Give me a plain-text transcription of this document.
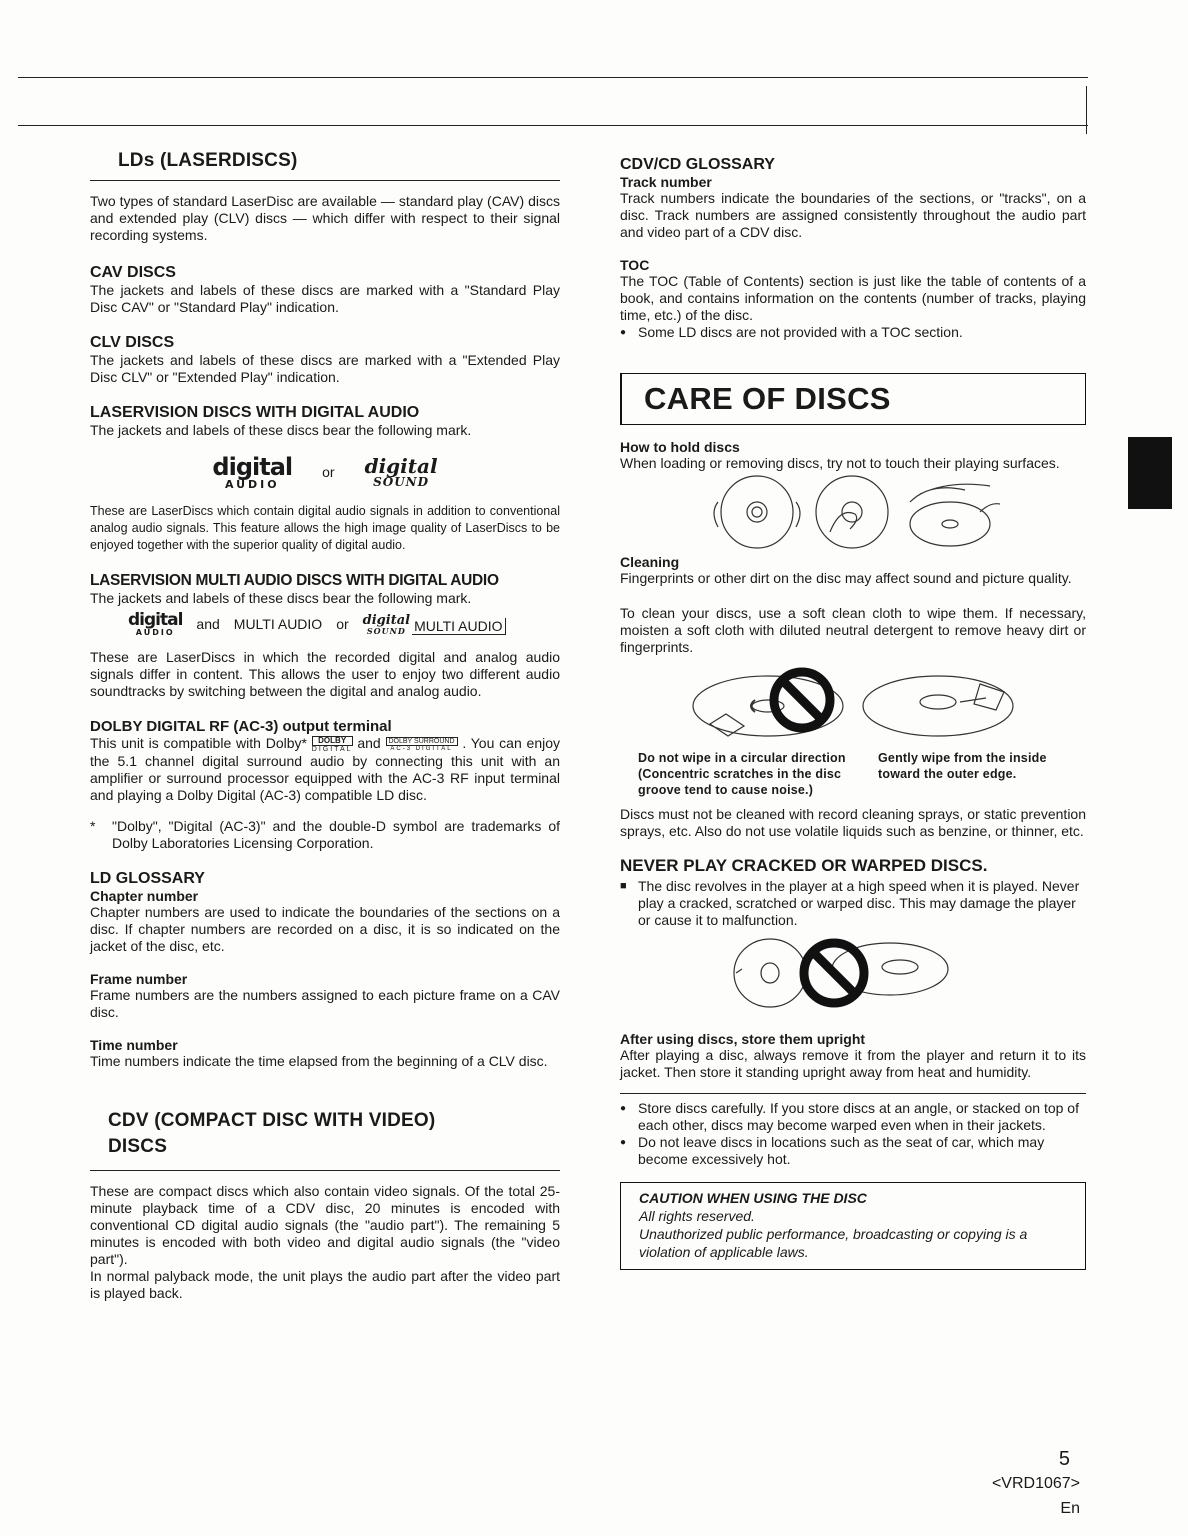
LDs (LASERDISCS)

Two types of standard LaserDisc are available — standard play (CAV) discs and extended play (CLV) discs — which differ with respect to their signal recording systems.

CAV DISCS

The jackets and labels of these discs are marked with a "Standard Play Disc CAV" or "Standard Play" indication.

CLV DISCS

The jackets and labels of these discs are marked with a "Extended Play Disc CLV" or "Extended Play" indication.

LASERVISION DISCS WITH DIGITAL AUDIO

The jackets and labels of these discs bear the following mark.

digital
AUDIO
or digital
SOUND

These are LaserDiscs which contain digital audio signals in addition to conventional analog audio signals. This feature allows the high image quality of LaserDiscs to be enjoyed together with the superior quality of digital audio.

LASERVISION MULTI AUDIO DISCS WITH DIGITAL AUDIO

The jackets and labels of these discs bear the following mark.

digital
AUDIO	and MULTI AUDIO or digital
SOUND MULTI AUDIO

These are LaserDiscs in which the recorded digital and analog audio signals differ in content. This allows the user to enjoy two different audio soundtracks by switching between the digital and analog audio.

DOLBY DIGITAL RF (AC-3) output terminal

This unit is compatible with Dolby*	DOLBY
DIGITAL and	DOLBY SURROUND
AC-3 DIGITAL . You can enjoy the 5.1 channel digital surround audio by connecting this unit with an amplifier or surround processor equipped with the AC-3 RF input terminal and playing a Dolby Digital (AC-3) compatible LD disc.

*	"Dolby", "Digital (AC-3)" and the double-D symbol are trademarks of Dolby Laboratories Licensing Corporation.
LD GLOSSARY
Chapter number

Chapter numbers are used to indicate the boundaries of the sections on a disc. If chapter numbers are recorded on a disc, it is so indicated on the jacket of the disc, etc.

Frame number

Frame numbers are the numbers assigned to each picture frame on a CAV disc.

Time number

Time numbers indicate the time elapsed from the beginning of a CLV disc.

CDV (COMPACT DISC WITH VIDEO)
DISCS

These are compact discs which also contain video signals. Of the total 25-minute playback time of a CDV disc, 20 minutes is encoded with conventional CD digital audio signals (the "audio part"). The remaining 5 minutes is encoded with both video and digital audio signals (the "video part").

In normal palyback mode, the unit plays the audio part after the video part is played back.

CDV/CD GLOSSARY
Track number

Track numbers indicate the boundaries of the sections, or "tracks", on a disc. Track numbers are assigned consistently throughout the audio part and video part of a CDV disc.

TOC

The TOC (Table of Contents) section is just like the table of contents of a book, and contains information on the contents (number of tracks, playing time, etc.) of the disc.

● Some LD discs are not provided with a TOC section.
CARE OF DISCS
How to hold discs

When loading or removing discs, try not to touch their playing surfaces.

Cleaning

Fingerprints or other dirt on the disc may affect sound and picture quality.

To clean your discs, use a soft clean cloth to wipe them. If necessary, moisten a soft cloth with diluted neutral detergent to remove heavy dirt or fingerprints.

Do not wipe in a circular direction (Concentric scratches in the disc groove tend to cause noise.)
Gently wipe from the inside toward the outer edge.

Discs must not be cleaned with record cleaning sprays, or static prevention sprays, etc. Also do not use volatile liquids such as benzine, or thinner, etc.

NEVER PLAY CRACKED OR WARPED DISCS.
■ The disc revolves in the player at a high speed when it is played. Never play a cracked, scratched or warped disc. This may damage the player or cause it to malfunction.
After using discs, store them upright

After playing a disc, always remove it from the player and return it to its jacket. Then store it standing upright away from heat and humidity.

● Store discs carefully. If you store discs at an angle, or stacked on top of each other, discs may become warped even when in their jackets.
● Do not leave discs in locations such as the seat of car, which may become excessively hot.

CAUTION WHEN USING THE DISC

All rights reserved.

Unauthorized public performance, broadcasting or copying is a violation of applicable laws.

5
<VRD1067>
En
